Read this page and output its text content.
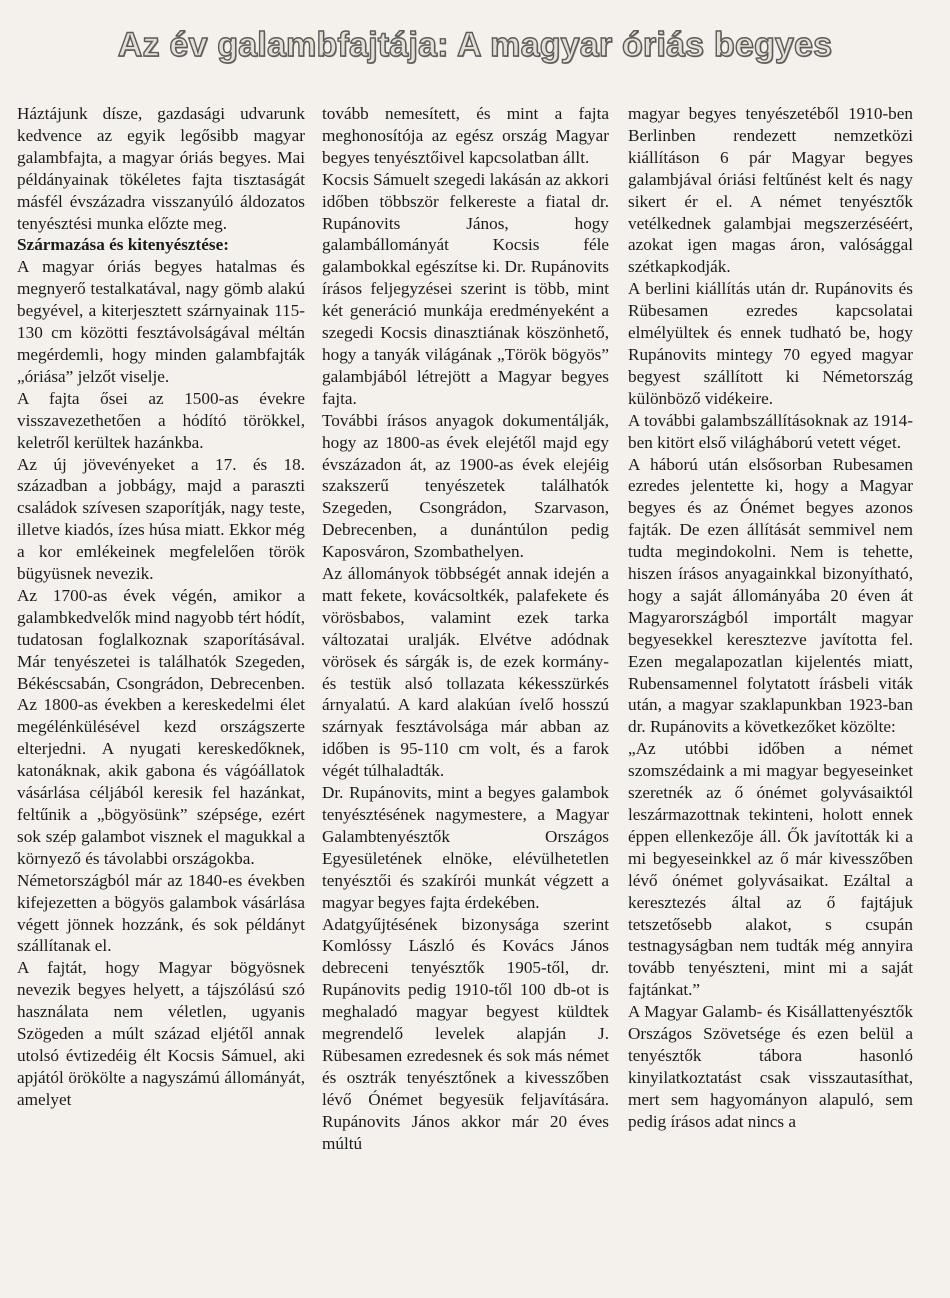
Az év galambfajtája: A magyar óriás begyes

Háztájunk dísze, gazdasági udvarunk kedvence az egyik legősibb magyar galambfajta, a magyar óriás begyes. Mai példányainak tökéletes fajta tisztaságát másfél évszázadra visszanyúló áldozatos tenyésztési munka előzte meg.

Származása és kitenyésztése:

A magyar óriás begyes hatalmas és megnyerő testalkatával, nagy gömb alakú begyével, a kiterjesztett szárnyainak 115-130 cm közötti fesztávolságával méltán megérdemli, hogy minden galambfajták „óriása” jelzőt viselje.

A fajta ősei az 1500-as évekre visszavezethetően a hódító törökkel, keletről kerültek hazánkba.

Az új jövevényeket a 17. és 18. században a jobbágy, majd a paraszti családok szívesen szaporítják, nagy teste, illetve kiadós, ízes húsa miatt. Ekkor még a kor emlékeinek megfelelően török bügyüsnek nevezik.

Az 1700-as évek végén, amikor a galambkedvelők mind nagyobb tért hódít, tudatosan foglalkoznak szaporításával. Már tenyészetei is találhatók Szegeden, Békéscsabán, Csongrádon, Debrecenben. Az 1800-as években a kereskedelmi élet megélénkülésével kezd országszerte elterjedni. A nyugati kereskedőknek, katonáknak, akik gabona és vágóállatok vásárlása céljából keresik fel hazánkat, feltűnik a „bögyösünk” szépsége, ezért sok szép galambot visznek el magukkal a környező és távolabbi országokba.

Németországból már az 1840-es években kifejezetten a bögyös galambok vásárlása végett jönnek hozzánk, és sok példányt szállítanak el.

A fajtát, hogy Magyar bögyösnek nevezik begyes helyett, a tájszólású szó használata nem véletlen, ugyanis Szögeden a múlt század eljétől annak utolsó évtizedéig élt Kocsis Sámuel, aki apjától örökölte a nagyszámú állományát, amelyet

tovább nemesített, és mint a fajta meghonosítója az egész ország Magyar begyes tenyésztőivel kapcsolatban állt.

Kocsis Sámuelt szegedi lakásán az akkori időben többször felkereste a fiatal dr. Rupánovits János, hogy galambállományát Kocsis féle galambokkal egészítse ki. Dr. Rupánovits írásos feljegyzései szerint is több, mint két generáció munkája eredményeként a szegedi Kocsis dinasztiának köszönhető, hogy a tanyák világának „Török bögyös” galambjából létrejött a Magyar begyes fajta.

További írásos anyagok dokumentálják, hogy az 1800-as évek elejétől majd egy évszázadon át, az 1900-as évek elejéig szakszerű tenyészetek találhatók Szegeden, Csongrádon, Szarvason, Debrecenben, a dunántúlon pedig Kaposváron, Szombathelyen.

Az állományok többségét annak idején a matt fekete, kovácsoltkék, palafekete és vörösbabos, valamint ezek tarka változatai uralják. Elvétve adódnak vörösek és sárgák is, de ezek kormány- és testük alsó tollazata kékesszürkés árnyalatú. A kard alakúan ívelő hosszú szárnyak fesztávolsága már abban az időben is 95-110 cm volt, és a farok végét túlhaladták.

Dr. Rupánovits, mint a begyes galambok tenyésztésének nagymestere, a Magyar Galambtenyésztők Országos Egyesületének elnöke, elévülhetetlen tenyésztői és szakírói munkát végzett a magyar begyes fajta érdekében.

Adatgyűjtésének bizonysága szerint Komlóssy László és Kovács János debreceni tenyésztők 1905-től, dr. Rupánovits pedig 1910-től 100 db-ot is meghaladó magyar begyest küldtek megrendelő levelek alapján J. Rübesamen ezredesnek és sok más német és osztrák tenyésztőnek a kivesszőben lévő Ónémet begyesük feljavítására. Rupánovits János akkor már 20 éves múltú

magyar begyes tenyészetéből 1910-ben Berlinben rendezett nemzetközi kiállításon 6 pár Magyar begyes galambjával óriási feltűnést kelt és nagy sikert ér el. A német tenyésztők vetélkednek galambjai megszerzéséért, azokat igen magas áron, valósággal szétkapkodják.

A berlini kiállítás után dr. Rupánovits és Rübesamen ezredes kapcsolatai elmélyültek és ennek tudható be, hogy Rupánovits mintegy 70 egyed magyar begyest szállított ki Németország különböző vidékeire.

A további galambszállításoknak az 1914-ben kitört első világháború vetett véget.

A háború után elsősorban Rubesamen ezredes jelentette ki, hogy a Magyar begyes és az Ónémet begyes azonos fajták. De ezen állítását semmivel nem tudta megindokolni. Nem is tehette, hiszen írásos anyagainkkal bizonyítható, hogy a saját állományába 20 éven át Magyarországból importált magyar begyesekkel keresztezve javította fel. Ezen megalapozatlan kijelentés miatt, Rubensamennel folytatott írásbeli viták után, a magyar szaklapunkban 1923-ban dr. Rupánovits a következőket közölte:

„Az utóbbi időben a német szomszédaink a mi magyar begyeseinket szeretnék az ő ónémet golyvásaiktól leszármazottnak tekinteni, holott ennek éppen ellenkezője áll. Ők javították ki a mi begyeseinkkel az ő már kivesszőben lévő ónémet golyvásaikat. Ezáltal a keresztezés által az ő fajtájuk tetszetősebb alakot, s csupán testnagyságban nem tudták még annyira tovább tenyészteni, mint mi a saját fajtánkat.”

A Magyar Galamb- és Kisállattenyésztők Országos Szövetsége és ezen belül a tenyésztők tábora hasonló kinyilatkoztatást csak visszautasíthat, mert sem hagyományon alapuló, sem pedig írásos adat nincs a
